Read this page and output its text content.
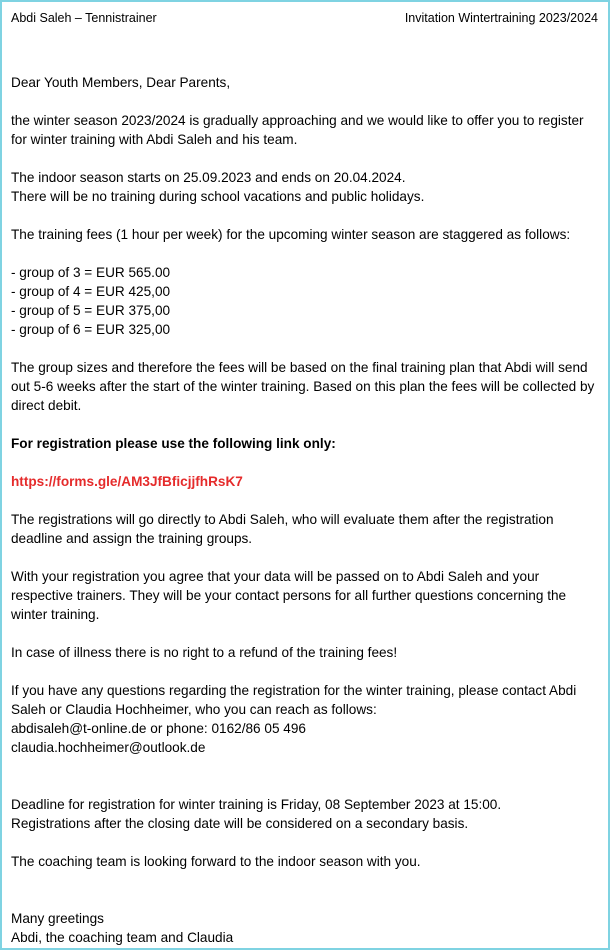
Abdi Saleh – Tennistrainer	Invitation Wintertraining 2023/2024

Dear Youth Members, Dear Parents,

the winter season 2023/2024 is gradually approaching and we would like to offer you to register for winter training with Abdi Saleh and his team.

The indoor season starts on 25.09.2023 and ends on 20.04.2024.

There will be no training during school vacations and public holidays.

The training fees (1 hour per week) for the upcoming winter season are staggered as follows:

- group of 3 = EUR 565.00
- group of 4 = EUR 425,00
- group of 5 = EUR 375,00
- group of 6 = EUR 325,00

The group sizes and therefore the fees will be based on the final training plan that Abdi will send out 5-6 weeks after the start of the winter training. Based on this plan the fees will be collected by direct debit.

For registration please use the following link only:

https://forms.gle/AM3JfBficjjfhRsK7

The registrations will go directly to Abdi Saleh, who will evaluate them after the registration deadline and assign the training groups.

With your registration you agree that your data will be passed on to Abdi Saleh and your respective trainers. They will be your contact persons for all further questions concerning the winter training.

In case of illness there is no right to a refund of the training fees!

If you have any questions regarding the registration for the winter training, please contact Abdi Saleh or Claudia Hochheimer, who you can reach as follows:

abdisaleh@t-online.de or phone: 0162/86 05 496

claudia.hochheimer@outlook.de

Deadline for registration for winter training is Friday, 08 September 2023 at 15:00.

Registrations after the closing date will be considered on a secondary basis.

The coaching team is looking forward to the indoor season with you.

Many greetings

Abdi, the coaching team and Claudia
